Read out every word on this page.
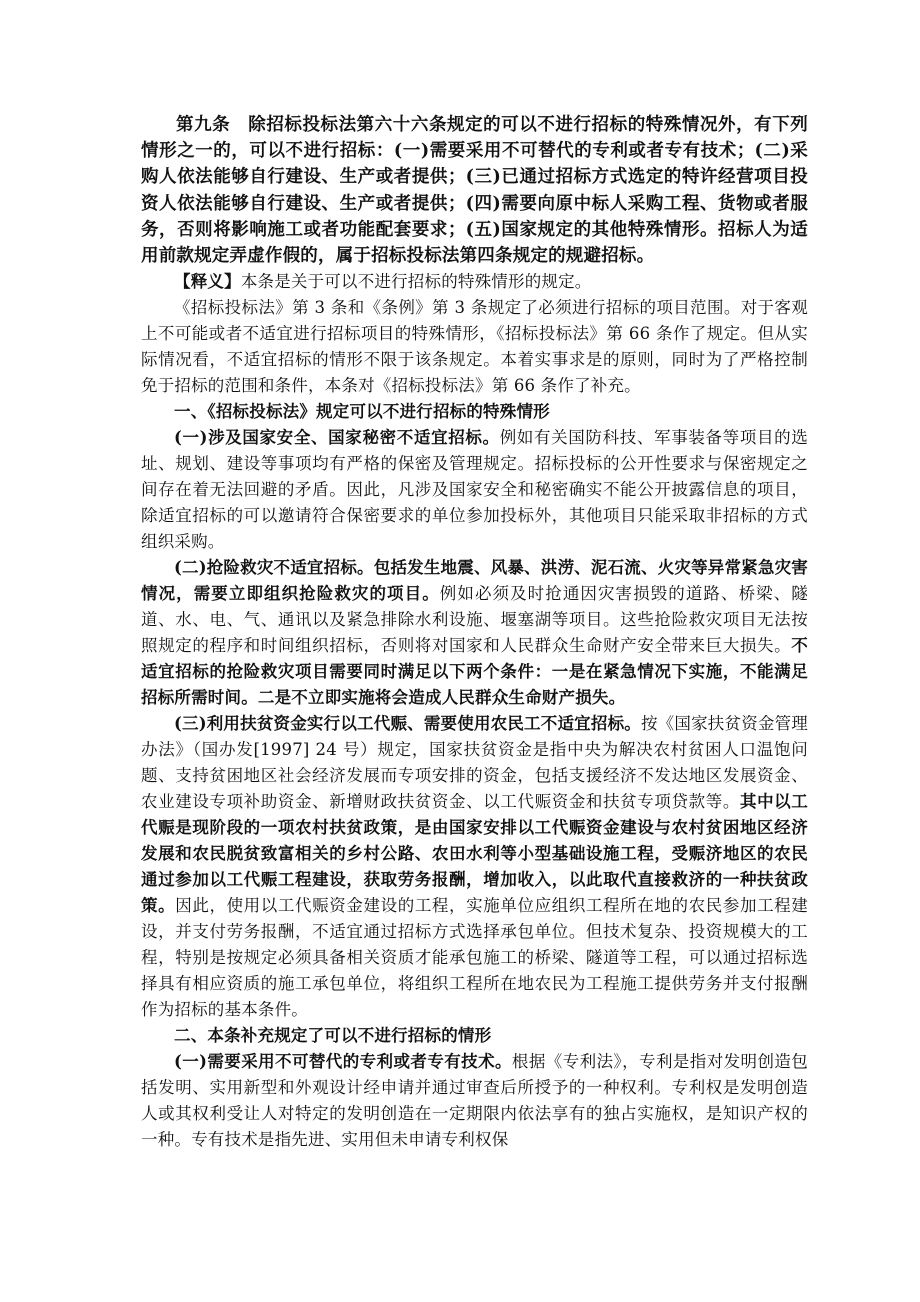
第九条　除招标投标法第六十六条规定的可以不进行招标的特殊情况外，有下列情形之一的，可以不进行招标：(一)需要采用不可替代的专利或者专有技术；(二)采购人依法能够自行建设、生产或者提供；(三)已通过招标方式选定的特许经营项目投资人依法能够自行建设、生产或者提供；(四)需要向原中标人采购工程、货物或者服务，否则将影响施工或者功能配套要求；(五)国家规定的其他特殊情形。招标人为适用前款规定弄虚作假的，属于招标投标法第四条规定的规避招标。

【释义】本条是关于可以不进行招标的特殊情形的规定。

《招标投标法》第 3 条和《条例》第 3 条规定了必须进行招标的项目范围。对于客观上不可能或者不适宜进行招标项目的特殊情形，《招标投标法》第 66 条作了规定。但从实际情况看，不适宜招标的情形不限于该条规定。本着实事求是的原则，同时为了严格控制免于招标的范围和条件，本条对《招标投标法》第 66 条作了补充。

一、《招标投标法》规定可以不进行招标的特殊情形

(一)涉及国家安全、国家秘密不适宜招标。例如有关国防科技、军事装备等项目的选址、规划、建设等事项均有严格的保密及管理规定。招标投标的公开性要求与保密规定之间存在着无法回避的矛盾。因此，凡涉及国家安全和秘密确实不能公开披露信息的项目，除适宜招标的可以邀请符合保密要求的单位参加投标外，其他项目只能采取非招标的方式组织采购。

(二)抢险救灾不适宜招标。包括发生地震、风暴、洪涝、泥石流、火灾等异常紧急灾害情况，需要立即组织抢险救灾的项目。例如必须及时抢通因灾害损毁的道路、桥梁、隧道、水、电、气、通讯以及紧急排除水利设施、堰塞湖等项目。这些抢险救灾项目无法按照规定的程序和时间组织招标，否则将对国家和人民群众生命财产安全带来巨大损失。不适宜招标的抢险救灾项目需要同时满足以下两个条件：一是在紧急情况下实施，不能满足招标所需时间。二是不立即实施将会造成人民群众生命财产损失。

(三)利用扶贫资金实行以工代赈、需要使用农民工不适宜招标。按《国家扶贫资金管理办法》（国办发[1997] 24 号）规定，国家扶贫资金是指中央为解决农村贫困人口温饱问题、支持贫困地区社会经济发展而专项安排的资金，包括支援经济不发达地区发展资金、农业建设专项补助资金、新增财政扶贫资金、以工代赈资金和扶贫专项贷款等。其中以工代赈是现阶段的一项农村扶贫政策，是由国家安排以工代赈资金建设与农村贫困地区经济发展和农民脱贫致富相关的乡村公路、农田水利等小型基础设施工程，受赈济地区的农民通过参加以工代赈工程建设，获取劳务报酬，增加收入，以此取代直接救济的一种扶贫政策。因此，使用以工代赈资金建设的工程，实施单位应组织工程所在地的农民参加工程建设，并支付劳务报酬，不适宜通过招标方式选择承包单位。但技术复杂、投资规模大的工程，特别是按规定必须具备相关资质才能承包施工的桥梁、隧道等工程，可以通过招标选择具有相应资质的施工承包单位，将组织工程所在地农民为工程施工提供劳务并支付报酬作为招标的基本条件。

二、本条补充规定了可以不进行招标的情形

(一)需要采用不可替代的专利或者专有技术。根据《专利法》，专利是指对发明创造包括发明、实用新型和外观设计经申请并通过审查后所授予的一种权利。专利权是发明创造人或其权利受让人对特定的发明创造在一定期限内依法享有的独占实施权，是知识产权的一种。专有技术是指先进、实用但未申请专利权保
